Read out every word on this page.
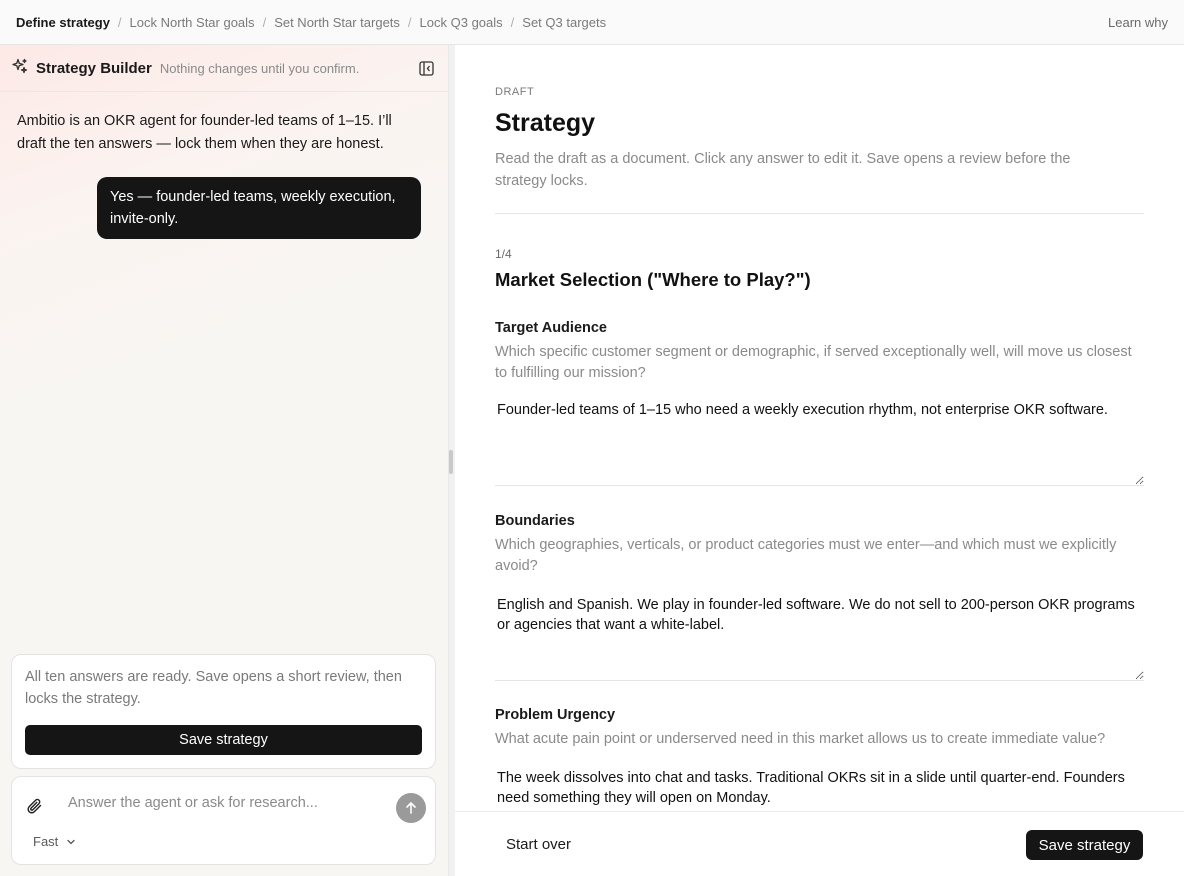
Define strategy / Lock North Star goals / Set North Star targets / Lock Q3 goals / Set Q3 targets	Learn why
Strategy Builder Nothing changes until you confirm.
Ambitio is an OKR agent for founder-led teams of 1–15. I’ll draft the ten answers — lock them when they are honest.
Yes — founder-led teams, weekly execution, invite-only.

All ten answers are ready. Save opens a short review, then locks the strategy.

Save strategy
Answer the agent or ask for research...
Fast
DRAFT
Strategy

Read the draft as a document. Click any answer to edit it. Save opens a review before the strategy locks.

1/4
Market Selection ("Where to Play?")
Target Audience
Which specific customer segment or demographic, if served exceptionally well, will move us closest to fulfilling our mission?
Founder-led teams of 1–15 who need a weekly execution rhythm, not enterprise OKR software.
Boundaries
Which geographies, verticals, or product categories must we enter—and which must we explicitly avoid?
English and Spanish. We play in founder-led software. We do not sell to 200-person OKR programs or agencies that want a white-label.
Problem Urgency
What acute pain point or underserved need in this market allows us to create immediate value?
The week dissolves into chat and tasks. Traditional OKRs sit in a slide until quarter-end. Founders need something they will open on Monday.
Start over	Save strategy
